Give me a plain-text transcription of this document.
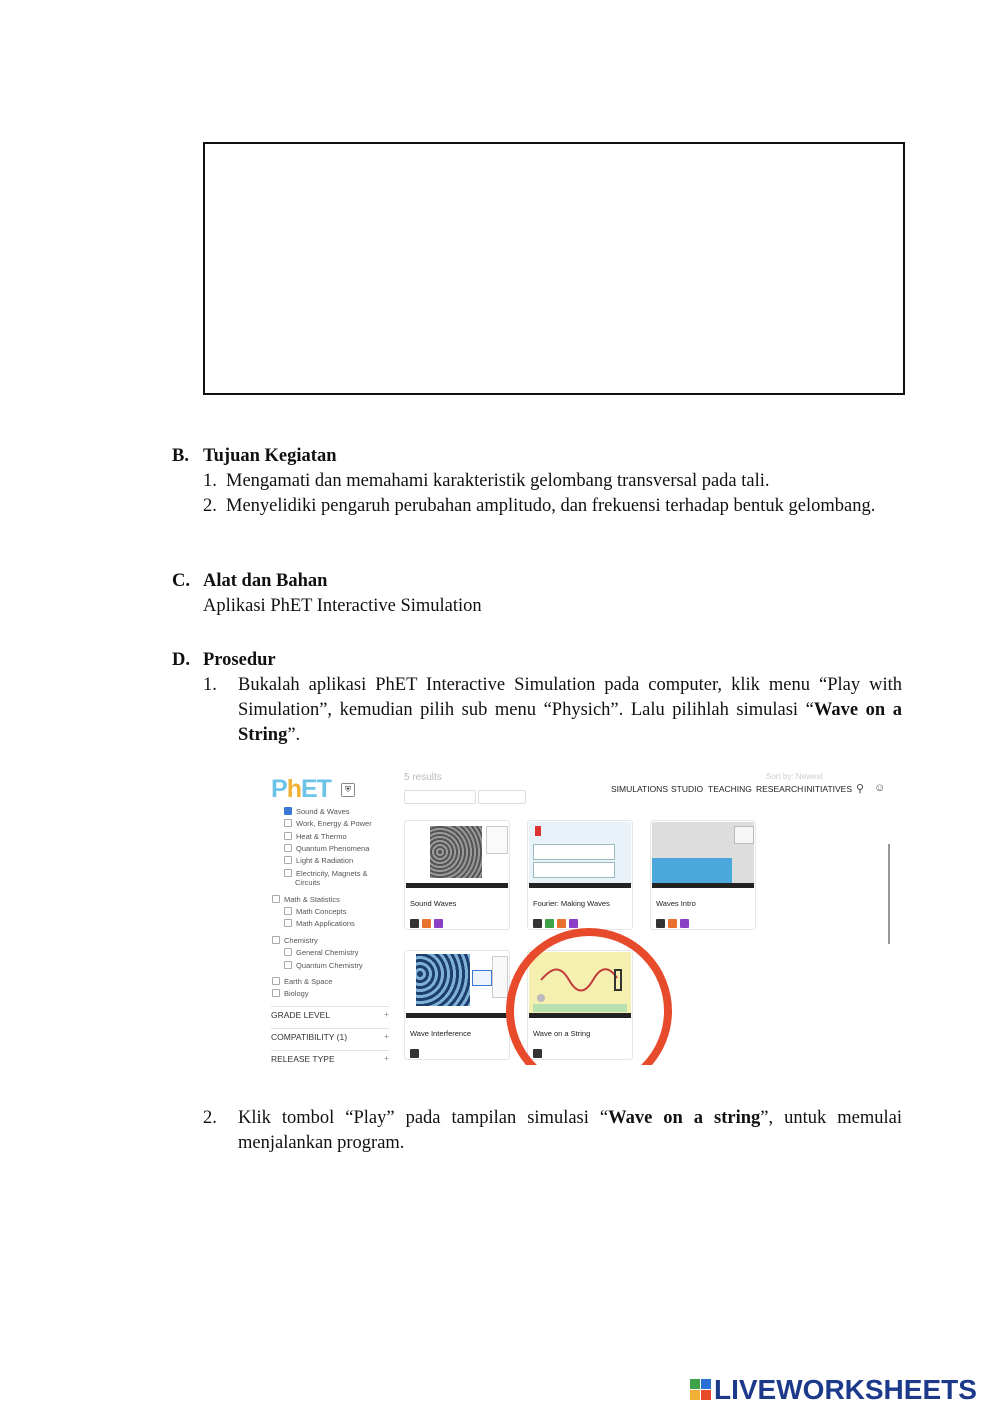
B. Tujuan Kegiatan
1. Mengamati dan memahami karakteristik gelombang transversal pada tali.
2. Menyelidiki pengaruh perubahan amplitudo, dan frekuensi terhadap bentuk gelombang.
C. Alat dan Bahan
Aplikasi PhET Interactive Simulation
D. Prosedur
1. Bukalah aplikasi PhET Interactive Simulation pada computer, klik menu “Play with Simulation”, kemudian pilih sub menu “Physich”. Lalu pilihlah simulasi “Wave on a String”.
PhET	⛨
5 results	Sort by: Newest
SIMULATIONS STUDIO TEACHING RESEARCH INITIATIVES ⚲ ☺
Sound & Waves
Work, Energy & Power
Heat & Thermo
Quantum Phenomena
Light & Radiation
Electricity, Magnets &
Circuits
Math & Statistics
Math Concepts
Math Applications
Chemistry
General Chemistry
Quantum Chemistry
Earth & Space
Biology
GRADE LEVEL	+
COMPATIBILITY (1)	+
RELEASE TYPE	+
Sound Waves	Fourier: Making Waves	Waves Intro
Wave Interference	Wave on a String
2. Klik tombol “Play” pada tampilan simulasi “Wave on a string”, untuk memulai menjalankan program.
LIVEWORKSHEETS
